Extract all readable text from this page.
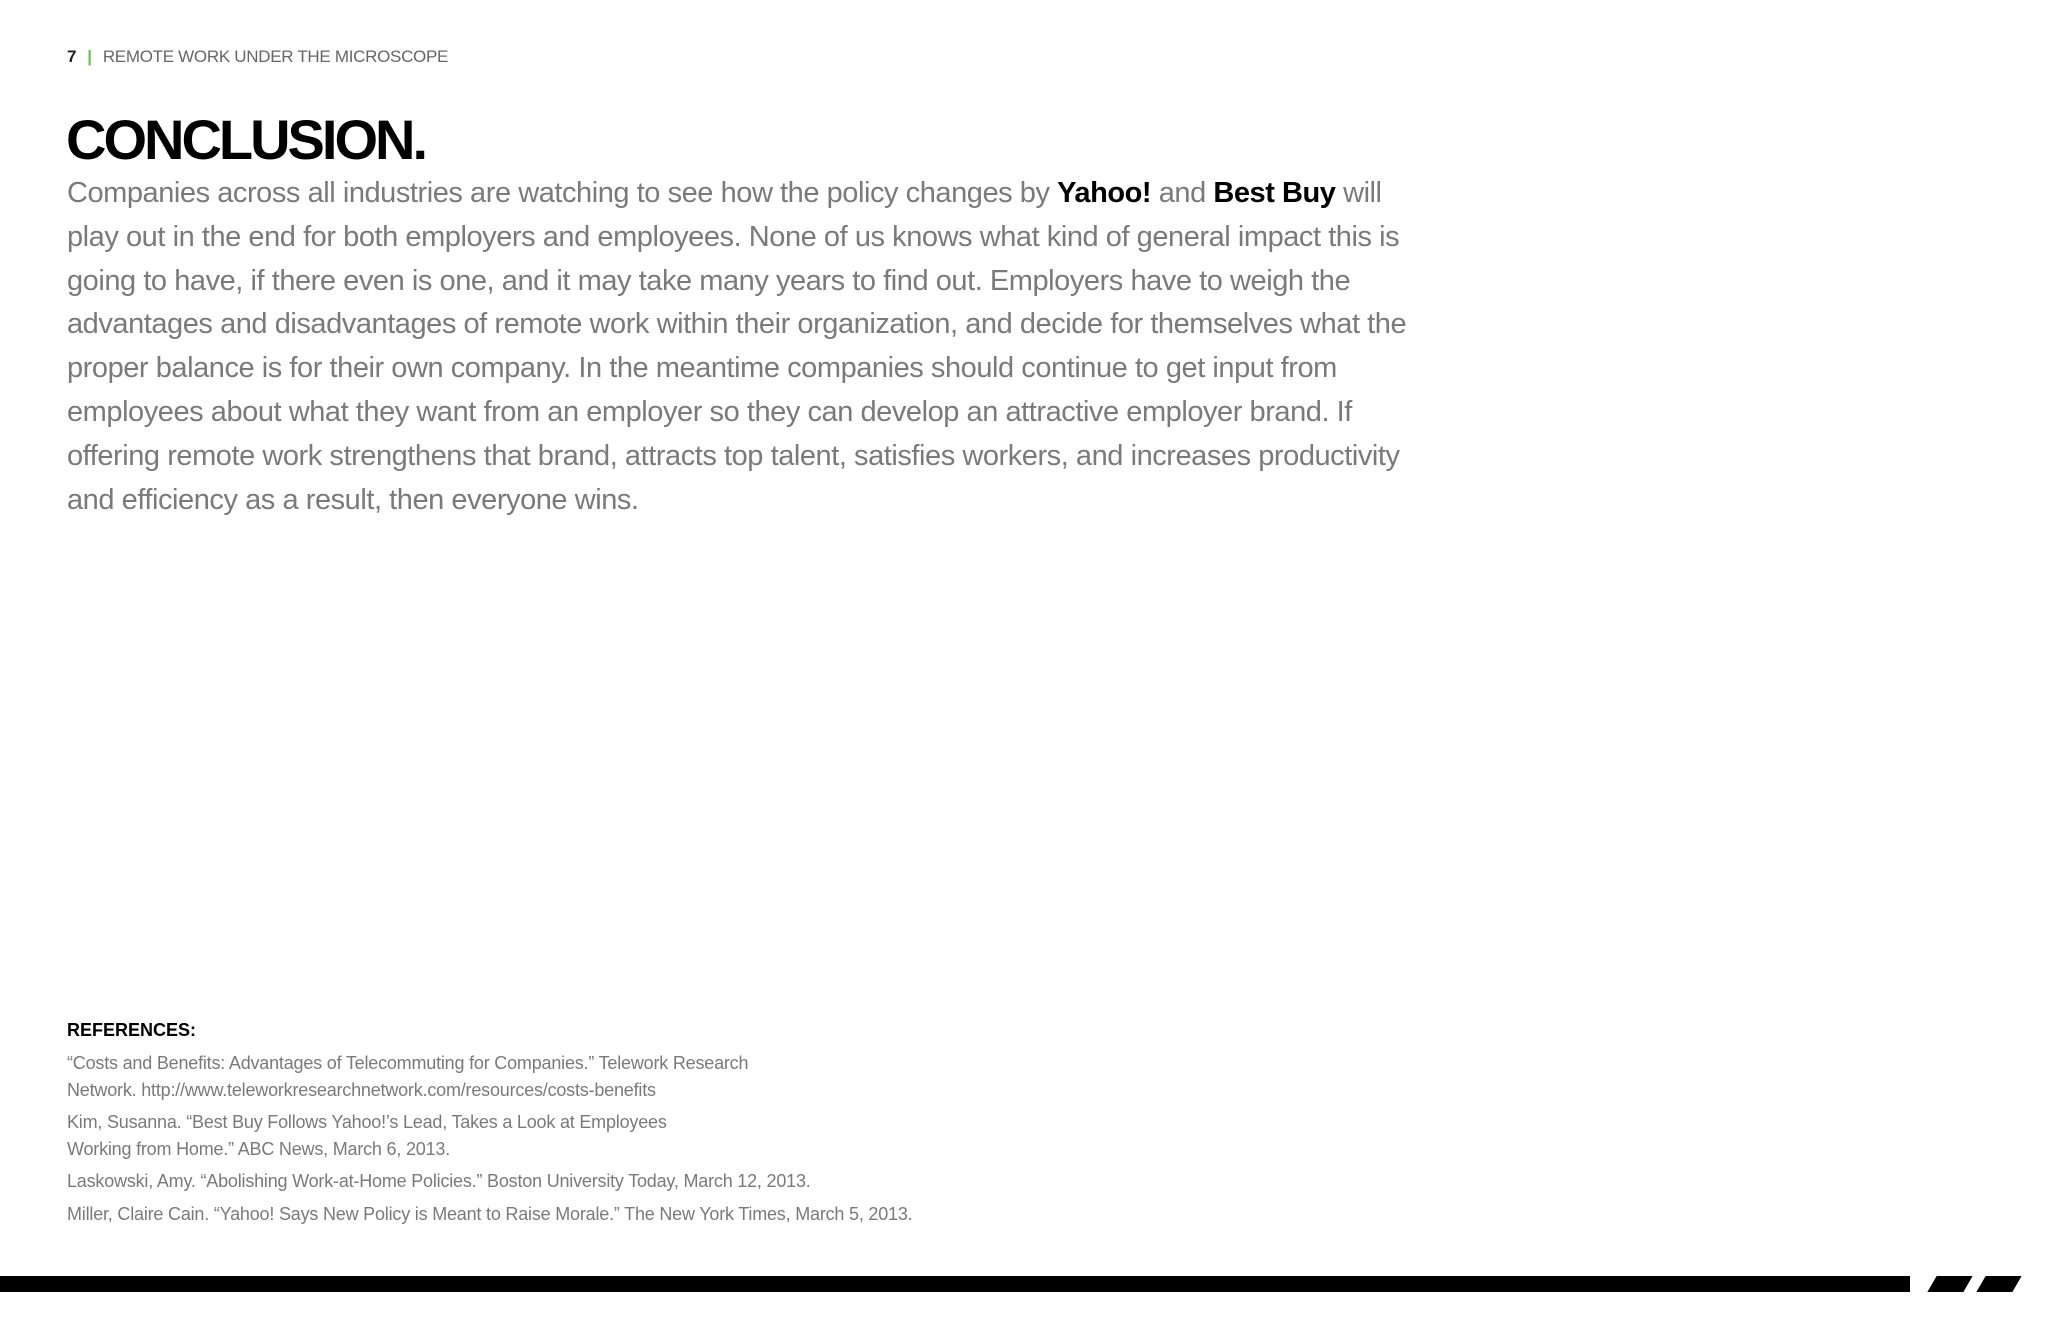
7 | REMOTE WORK UNDER THE MICROSCOPE
CONCLUSION.

Companies across all industries are watching to see how the policy changes by Yahoo! and Best Buy will play out in the end for both employers and employees. None of us knows what kind of general impact this is going to have, if there even is one, and it may take many years to find out. Employers have to weigh the advantages and disadvantages of remote work within their organization, and decide for themselves what the proper balance is for their own company. In the meantime companies should continue to get input from employees about what they want from an employer so they can develop an attractive employer brand. If offering remote work strengthens that brand, attracts top talent, satisfies workers, and increases productivity and efficiency as a result, then everyone wins.

REFERENCES:
“Costs and Benefits: Advantages of Telecommuting for Companies.” Telework Research
Network. http://www.teleworkresearchnetwork.com/resources/costs-benefits
Kim, Susanna. “Best Buy Follows Yahoo!’s Lead, Takes a Look at Employees
Working from Home.” ABC News, March 6, 2013.
Laskowski, Amy. “Abolishing Work-at-Home Policies.” Boston University Today, March 12, 2013.
Miller, Claire Cain. “Yahoo! Says New Policy is Meant to Raise Morale.” The New York Times, March 5, 2013.
